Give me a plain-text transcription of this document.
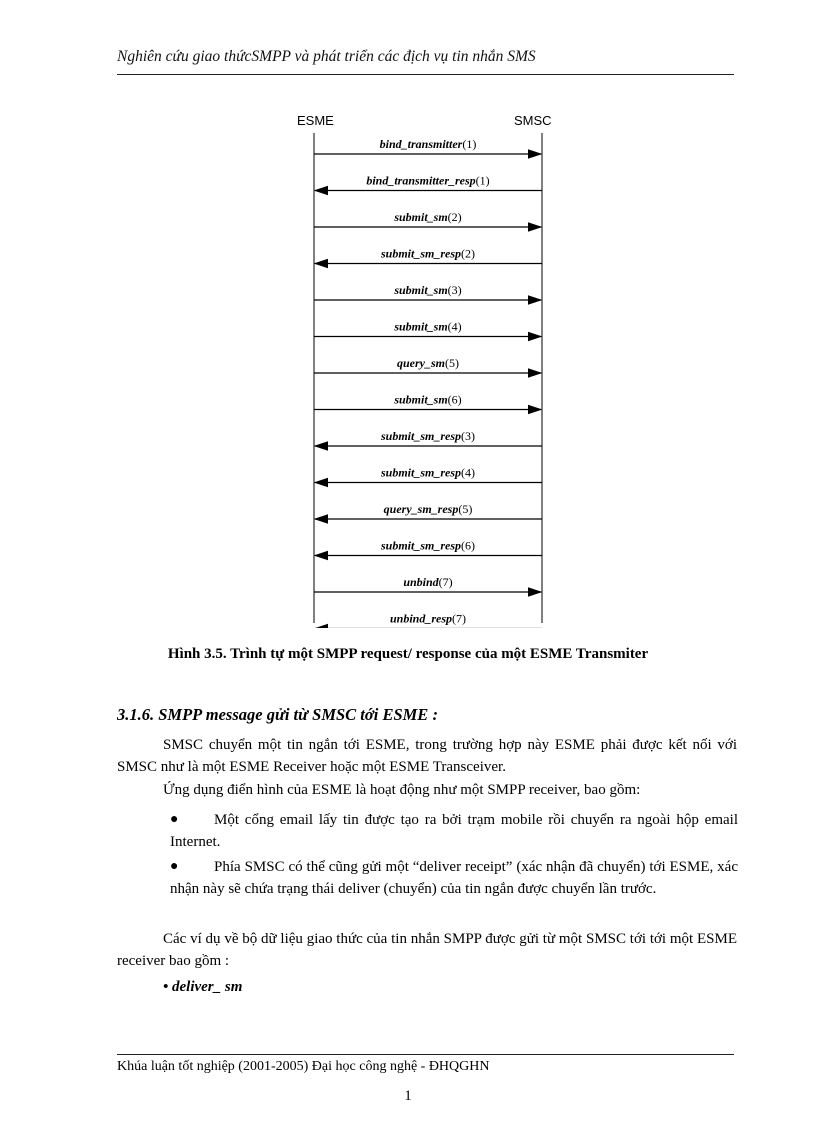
Nghiên cứu giao thứcSMPP và phát triển các địch vụ tin nhắn SMS
ESME	SMSC
bind_transmitter(1)
bind_transmitter_resp(1)
submit_sm(2)
submit_sm_resp(2)
submit_sm(3)
submit_sm(4)
query_sm(5)
submit_sm(6)
submit_sm_resp(3)
submit_sm_resp(4)
query_sm_resp(5)
submit_sm_resp(6)
unbind(7)
unbind_resp(7)
Hình 3.5. Trình tự một SMPP request/ response của một ESME Transmiter
3.1.6. SMPP message gửi từ SMSC tới ESME :
SMSC chuyển một tin ngắn tới ESME, trong trường hợp này ESME phải được kết nối với SMSC như là một ESME Receiver hoặc một ESME Transceiver.
Ứng dụng điển hình của ESME là hoạt động như một SMPP receiver, bao gồm:
●	Một cổng email lấy tin được tạo ra bởi trạm mobile rồi chuyển ra ngoài hộp email Internet.
●	Phía SMSC có thể cũng gửi một “deliver receipt” (xác nhận đã chuyển) tới ESME, xác nhận này sẽ chứa trạng thái deliver (chuyển) của tin ngắn được chuyển lần trước.
Các ví dụ về bộ dữ liệu giao thức của tin nhắn SMPP được gửi từ một SMSC tới tới một ESME receiver bao gồm :
• deliver_ sm
Khúa luận tốt nghiệp (2001-2005) Đại học công nghệ - ĐHQGHN
1
